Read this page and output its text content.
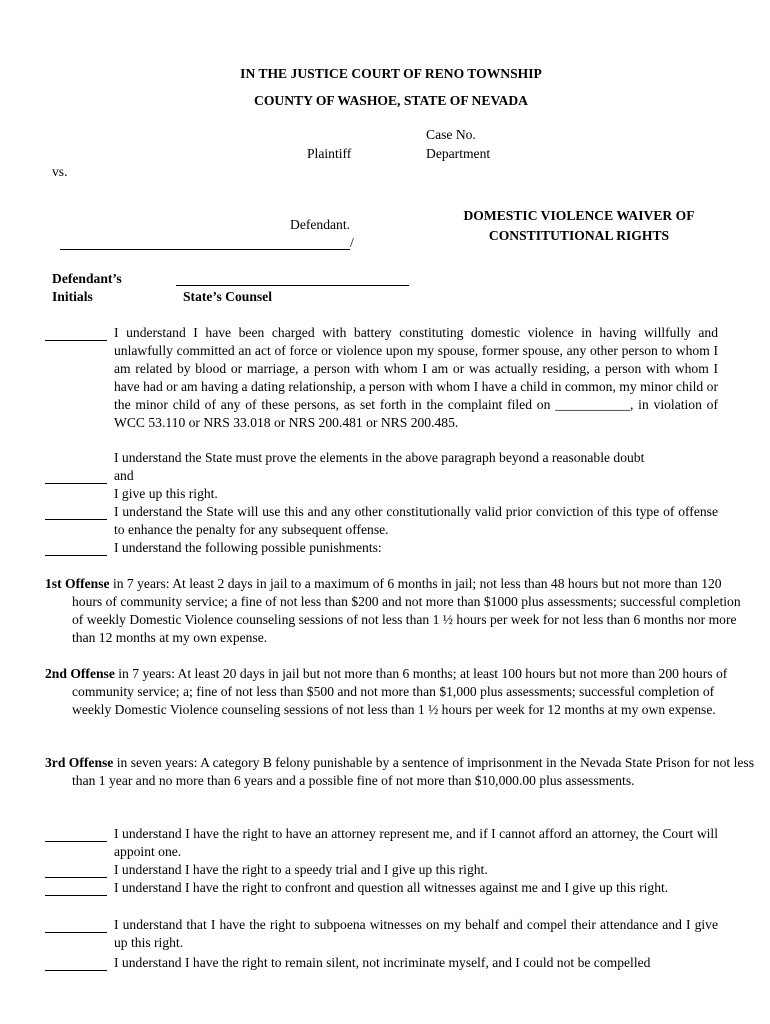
IN THE JUSTICE COURT OF RENO TOWNSHIP
COUNTY OF WASHOE, STATE OF NEVADA
Case No.
Department
Plaintiff
vs.
Defendant.
/
DOMESTIC VIOLENCE WAIVER OF
CONSTITUTIONAL RIGHTS
Defendant’s
Initials	State’s Counsel
I understand I have been charged with battery constituting domestic violence in having willfully and unlawfully committed an act of force or violence upon my spouse, former spouse, any other person to whom I am related by blood or marriage, a person with whom I am or was actually residing, a person with whom I have had or am having a dating relationship, a person with whom I have a child in common, my minor child or the minor child of any of these persons, as set forth in the complaint filed on ___________, in violation of WCC 53.110 or NRS 33.018 or NRS 200.481 or NRS 200.485.
I understand the State must prove the elements in the above paragraph beyond a reasonable doubt
and
I give up this right.
I understand the State will use this and any other constitutionally valid prior conviction of this type of offense to enhance the penalty for any subsequent offense.
I understand the following possible punishments:
1st Offense in 7 years: At least 2 days in jail to a maximum of 6 months in jail; not less than 48 hours but not more than 120 hours of community service; a fine of not less than $200 and not more than $1000 plus assessments; successful completion of weekly Domestic Violence counseling sessions of not less than 1 ½ hours per week for not less than 6 months nor more than 12 months at my own expense.
2nd Offense in 7 years: At least 20 days in jail but not more than 6 months; at least 100 hours but not more than 200 hours of community service; a; fine of not less than $500 and not more than $1,000 plus assessments; successful completion of weekly Domestic Violence counseling sessions of not less than 1 ½ hours per week for 12 months at my own expense.
3rd Offense in seven years: A category B felony punishable by a sentence of imprisonment in the Nevada State Prison for not less than 1 year and no more than 6 years and a possible fine of not more than $10,000.00 plus assessments.
I understand I have the right to have an attorney represent me, and if I cannot afford an attorney, the Court will appoint one.
I understand I have the right to a speedy trial and I give up this right.
I understand I have the right to confront and question all witnesses against me and I give up this right.
I understand that I have the right to subpoena witnesses on my behalf and compel their attendance and I give up this right.
I understand I have the right to remain silent, not incriminate myself, and I could not be compelled
